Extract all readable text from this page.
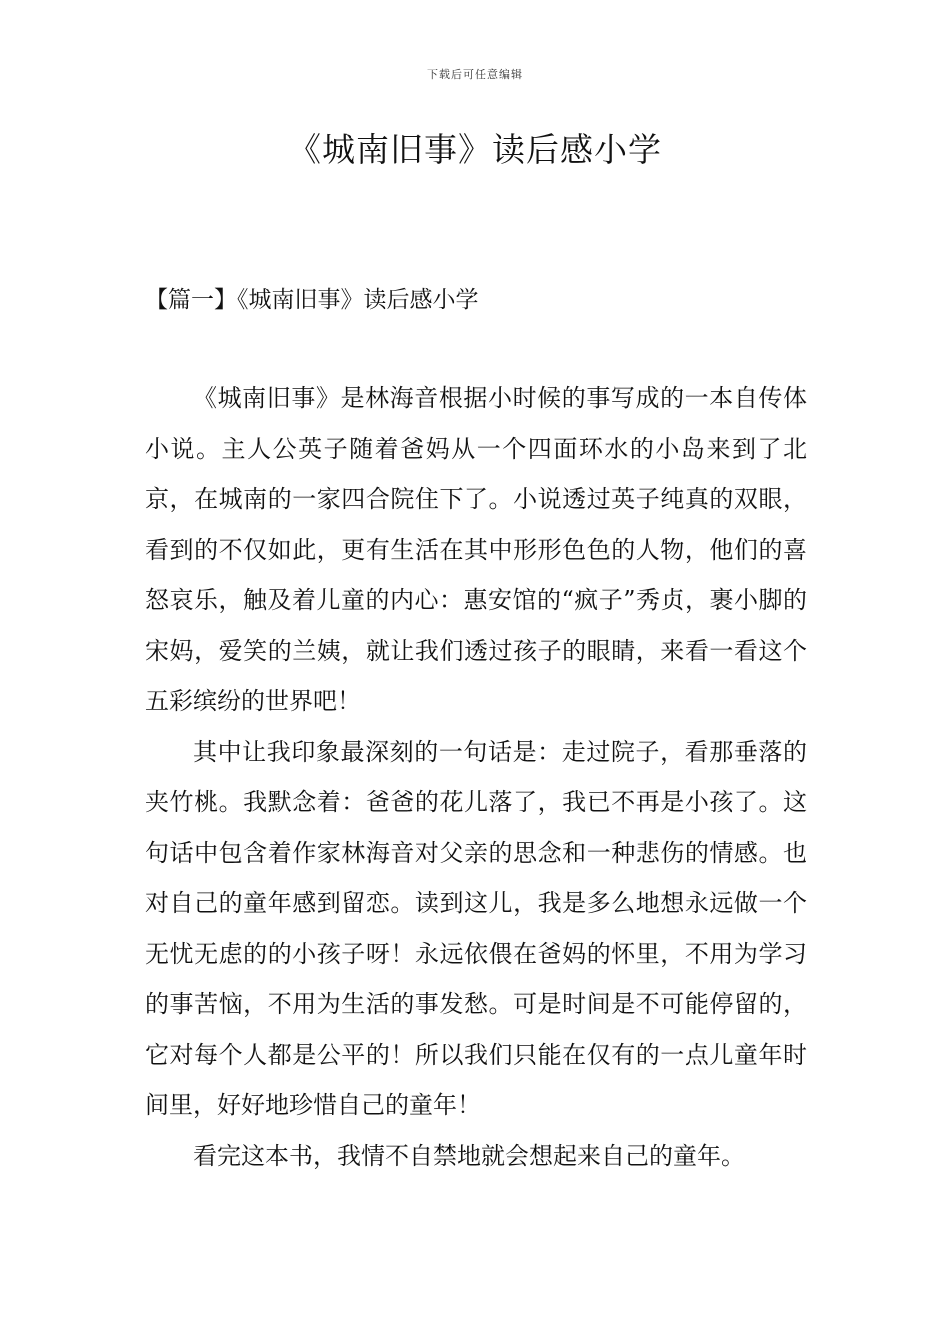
下载后可任意编辑
《城南旧事》读后感小学
【篇一】《城南旧事》读后感小学

《城南旧事》是林海音根据小时候的事写成的一本自传体小说。主人公英子随着爸妈从一个四面环水的小岛来到了北京，在城南的一家四合院住下了。小说透过英子纯真的双眼，看到的不仅如此，更有生活在其中形形色色的人物，他们的喜怒哀乐，触及着儿童的内心：惠安馆的“疯子”秀贞，裹小脚的宋妈，爱笑的兰姨，就让我们透过孩子的眼睛，来看一看这个五彩缤纷的世界吧！

其中让我印象最深刻的一句话是：走过院子，看那垂落的夹竹桃。我默念着：爸爸的花儿落了，我已不再是小孩了。这句话中包含着作家林海音对父亲的思念和一种悲伤的情感。也对自己的童年感到留恋。读到这儿，我是多么地想永远做一个无忧无虑的的小孩子呀！永远依偎在爸妈的怀里，不用为学习的事苦恼，不用为生活的事发愁。可是时间是不可能停留的，它对每个人都是公平的！所以我们只能在仅有的一点儿童年时间里，好好地珍惜自己的童年！

看完这本书，我情不自禁地就会想起来自己的童年。
